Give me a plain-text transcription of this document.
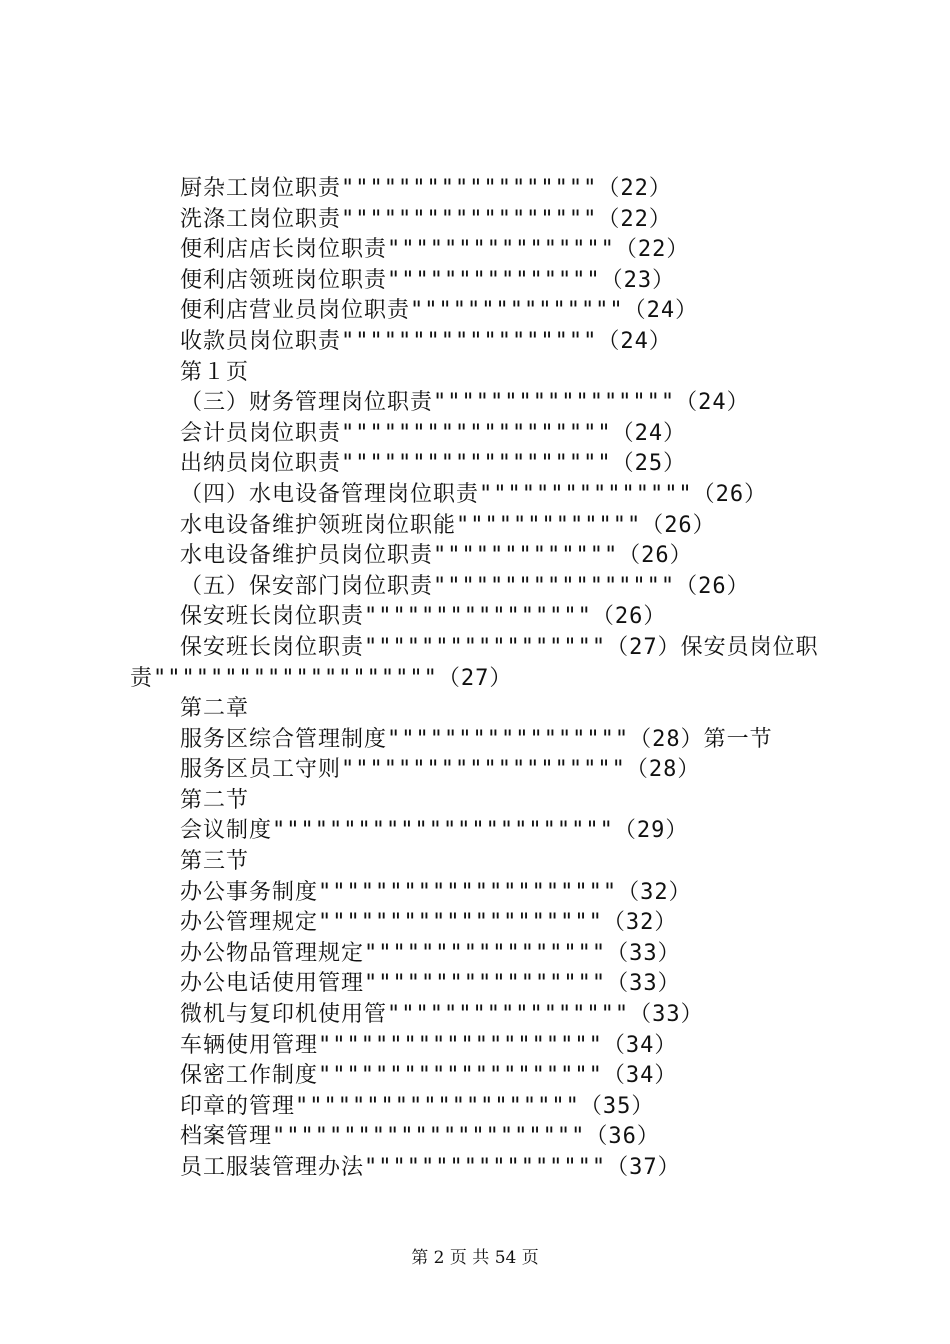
厨杂工岗位职责""""""""""""""""""（22）
洗涤工岗位职责""""""""""""""""""（22）
便利店店长岗位职责""""""""""""""""（22）
便利店领班岗位职责"""""""""""""""（23）
便利店营业员岗位职责"""""""""""""""（24）
收款员岗位职责""""""""""""""""""（24）
第１页
（三）财务管理岗位职责"""""""""""""""""（24）
会计员岗位职责"""""""""""""""""""（24）
出纳员岗位职责"""""""""""""""""""（25）
（四）水电设备管理岗位职责"""""""""""""""（26）
水电设备维护领班岗位职能"""""""""""""（26）
水电设备维护员岗位职责"""""""""""""（26）
（五）保安部门岗位职责"""""""""""""""""（26）
保安班长岗位职责""""""""""""""""（26）
保安班长岗位职责"""""""""""""""""（27）保安员岗位职
责""""""""""""""""""""（27）
第二章
服务区综合管理制度"""""""""""""""""（28）第一节
服务区员工守则""""""""""""""""""""（28）
第二节
会议制度""""""""""""""""""""""""（29）
第三节
办公事务制度"""""""""""""""""""""（32）
办公管理规定""""""""""""""""""""（32）
办公物品管理规定"""""""""""""""""（33）
办公电话使用管理"""""""""""""""""（33）
微机与复印机使用管"""""""""""""""""（33）
车辆使用管理""""""""""""""""""""（34）
保密工作制度""""""""""""""""""""（34）
印章的管理""""""""""""""""""""（35）
档案管理""""""""""""""""""""""（36）
员工服装管理办法"""""""""""""""""（37）
第 2 页 共 54 页
